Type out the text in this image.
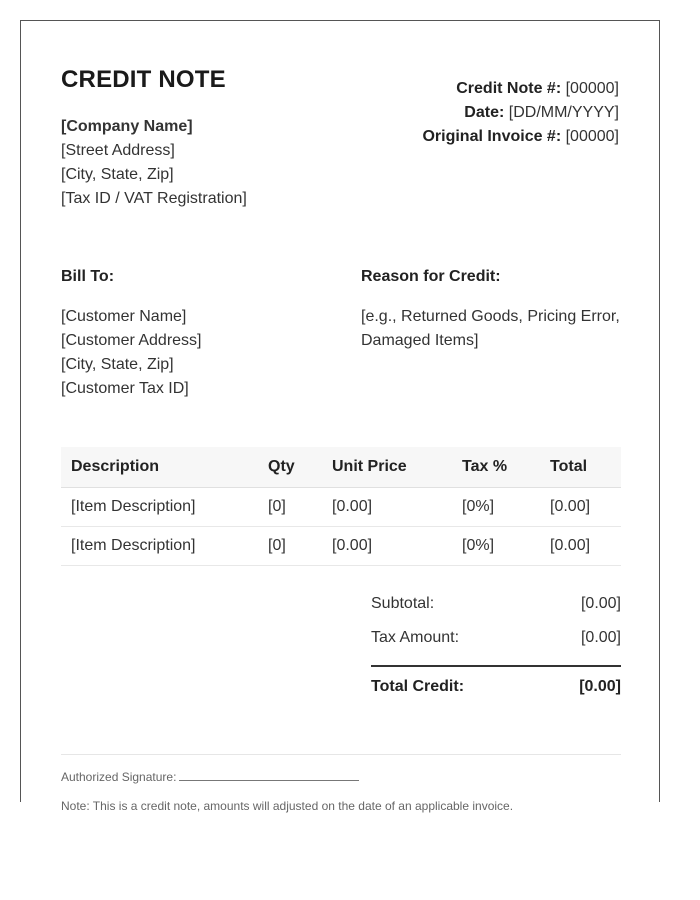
CREDIT NOTE
[Company Name]
[Street Address]
[City, State, Zip]
[Tax ID / VAT Registration]
Credit Note #: [00000]
Date: [DD/MM/YYYY]
Original Invoice #: [00000]
Bill To:
[Customer Name]
[Customer Address]
[City, State, Zip]
[Customer Tax ID]
Reason for Credit:
[e.g., Returned Goods, Pricing Error,
Damaged Items]
Description	Qty	Unit Price	Tax %	Total
[Item Description]	[0]	[0.00]	[0%]	[0.00]
[Item Description]	[0]	[0.00]	[0%]	[0.00]
Subtotal:	[0.00]
Tax Amount:	[0.00]
Total Credit:	[0.00]
Authorized Signature:
Note: This is a credit note, amounts will adjusted on the date of an applicable invoice.
